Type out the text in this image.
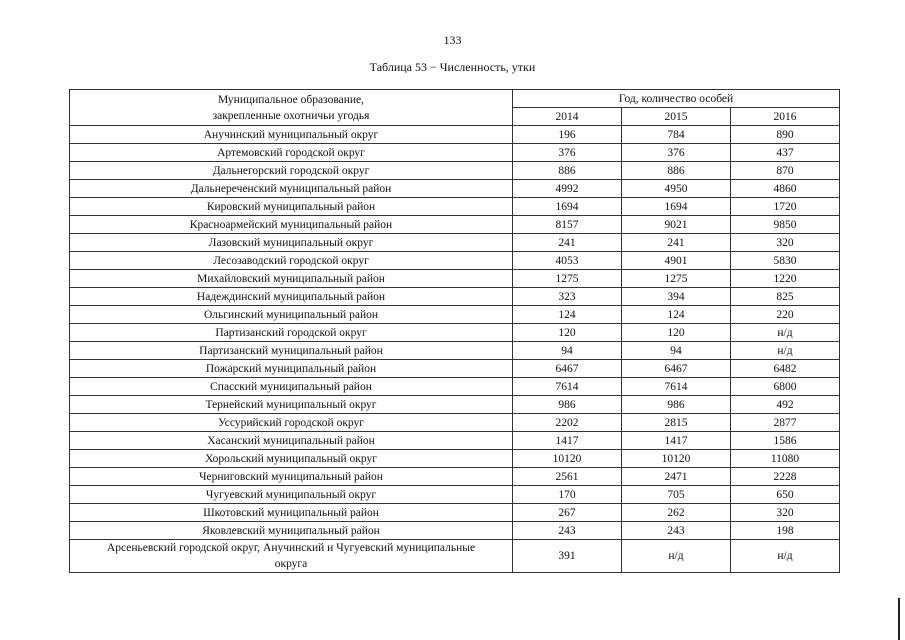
133
Таблица 53 − Численность, утки
Муниципальное образование,
закрепленные охотничьи угодья	Год, количество особей		
	2014	2015	2016
Анучинский муниципальный округ	196	784	890
Артемовский городской округ	376	376	437
Дальнегорский городской округ	886	886	870
Дальнереченский муниципальный район	4992	4950	4860
Кировский муниципальный район	1694	1694	1720
Красноармейский муниципальный район	8157	9021	9850
Лазовский муниципальный округ	241	241	320
Лесозаводский городской округ	4053	4901	5830
Михайловский муниципальный район	1275	1275	1220
Надеждинский муниципальный район	323	394	825
Ольгинский муниципальный район	124	124	220
Партизанский городской округ	120	120	н/д
Партизанский муниципальный район	94	94	н/д
Пожарский муниципальный район	6467	6467	6482
Спасский муниципальный район	7614	7614	6800
Тернейский муниципальный округ	986	986	492
Уссурийский городской округ	2202	2815	2877
Хасанский муниципальный район	1417	1417	1586
Хорольский муниципальный округ	10120	10120	11080
Черниговский муниципальный район	2561	2471	2228
Чугуевский муниципальный округ	170	705	650
Шкотовский муниципальный район	267	262	320
Яковлевский муниципальный район	243	243	198
Арсеньевский городской округ, Анучинский и Чугуевский муниципальные
округа	391	н/д	н/д
